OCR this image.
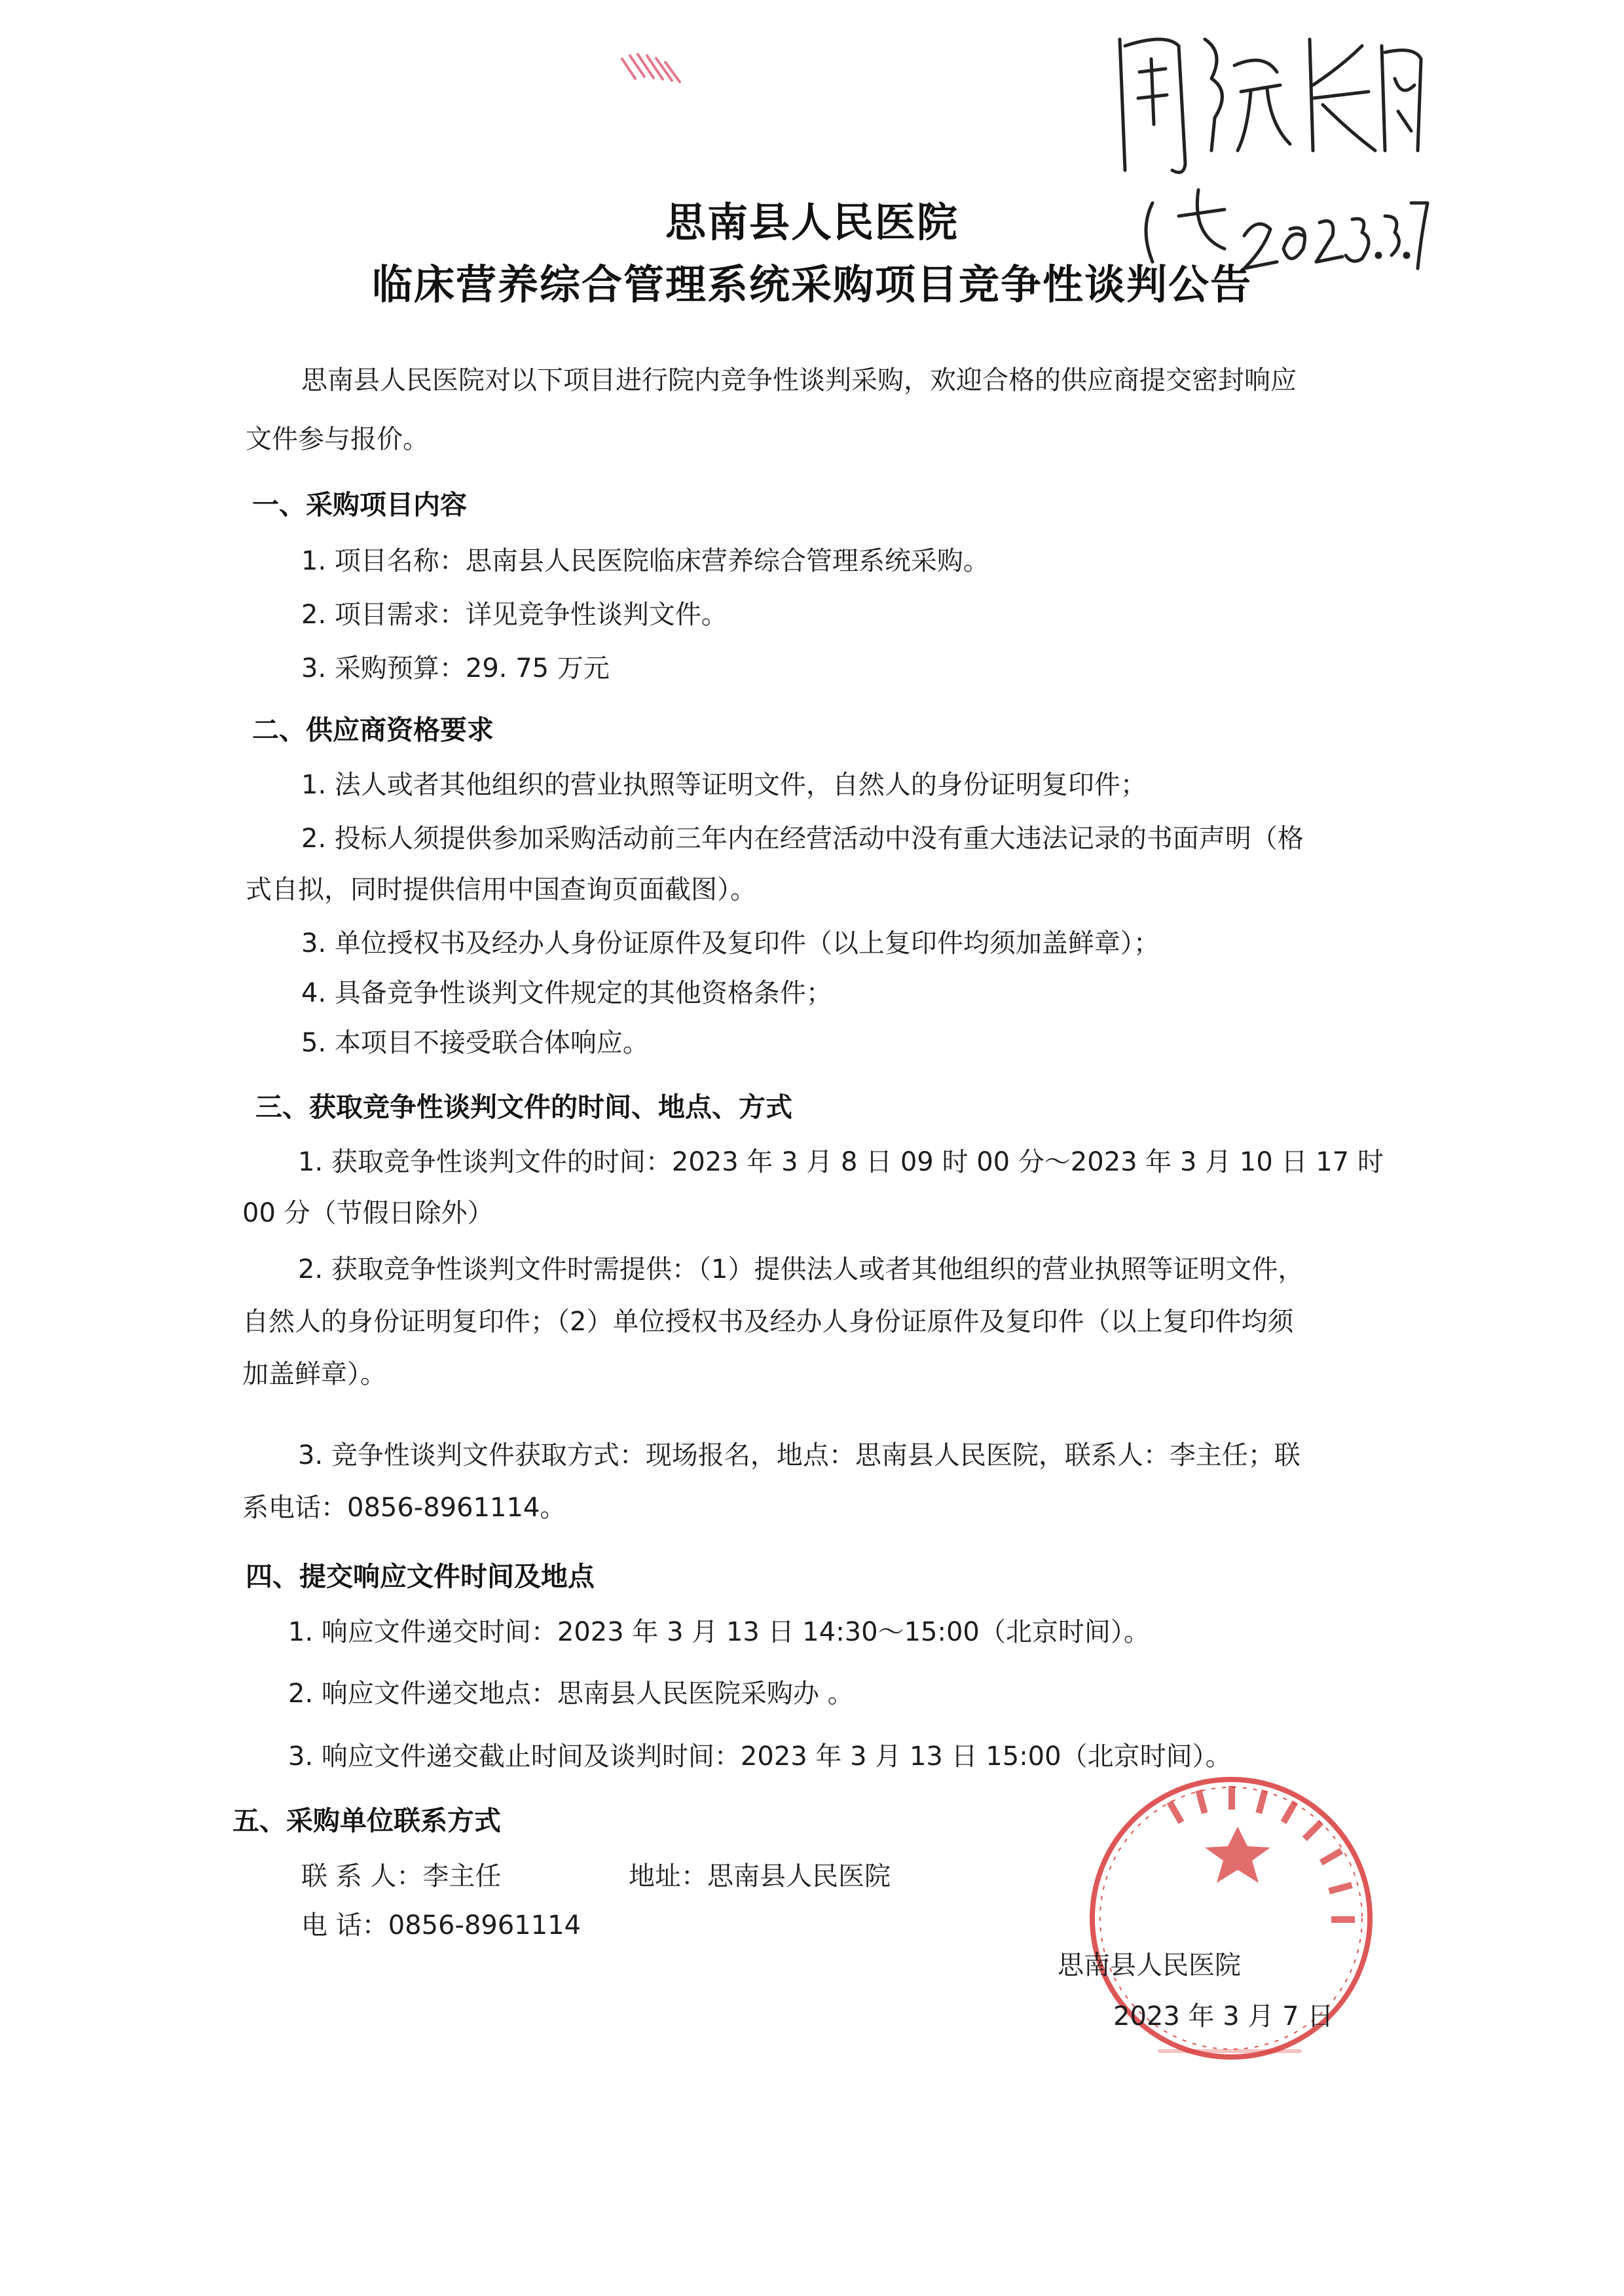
思南县人民医院
临床营养综合管理系统采购项目竞争性谈判公告
思南县人民医院对以下项目进行院内竞争性谈判采购，欢迎合格的供应商提交密封响应
文件参与报价。
一、采购项目内容
1. 项目名称：思南县人民医院临床营养综合管理系统采购。
2. 项目需求：详见竞争性谈判文件。
3. 采购预算：29. 75 万元
二、供应商资格要求
1. 法人或者其他组织的营业执照等证明文件，自然人的身份证明复印件；
2. 投标人须提供参加采购活动前三年内在经营活动中没有重大违法记录的书面声明（格
式自拟，同时提供信用中国查询页面截图）。
3. 单位授权书及经办人身份证原件及复印件（以上复印件均须加盖鲜章）；
4. 具备竞争性谈判文件规定的其他资格条件；
5. 本项目不接受联合体响应。
三、获取竞争性谈判文件的时间、地点、方式
1. 获取竞争性谈判文件的时间：2023 年 3 月 8 日 09 时 00 分～2023 年 3 月 10 日 17 时
00 分（节假日除外）
2. 获取竞争性谈判文件时需提供：（1）提供法人或者其他组织的营业执照等证明文件，
自然人的身份证明复印件；（2）单位授权书及经办人身份证原件及复印件（以上复印件均须
加盖鲜章）。
3. 竞争性谈判文件获取方式：现场报名，地点：思南县人民医院，联系人：李主任；联
系电话：0856-8961114。
四、提交响应文件时间及地点
1. 响应文件递交时间：2023 年 3 月 13 日 14:30～15:00（北京时间）。
2. 响应文件递交地点：思南县人民医院采购办 。
3. 响应文件递交截止时间及谈判时间：2023 年 3 月 13 日 15:00（北京时间）。
五、采购单位联系方式
联 系 人：李主任	地址：思南县人民医院
电 话：0856-8961114
思南县人民医院
2023 年 3 月 7 日
